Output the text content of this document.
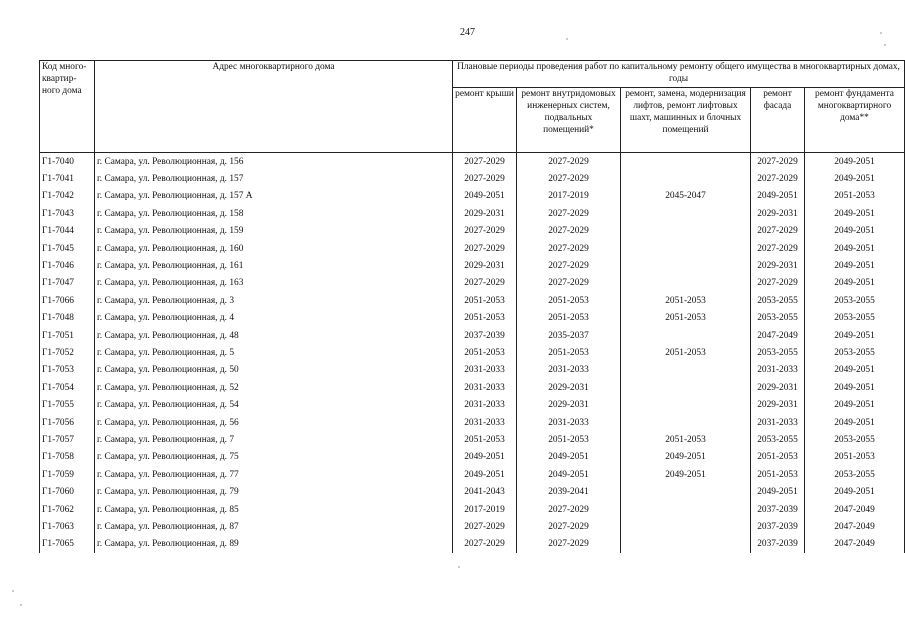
247
Код много-квартир-ного дома	Адрес многоквартирного дома	Плановые периоды проведения работ по капитальному ремонту общего имущества в многоквартирных домах, годы				
		ремонт крыши	ремонт внутридомовых инженерных систем, подвальных помещений*	ремонт, замена, модернизация лифтов, ремонт лифтовых шахт, машинных и блочных помещений	ремонт фасада	ремонт фундамента многоквартирного дома**
Г1-7040	г. Самара, ул. Революционная, д. 156	2027-2029	2027-2029		2027-2029	2049-2051
Г1-7041	г. Самара, ул. Революционная, д. 157	2027-2029	2027-2029		2027-2029	2049-2051
Г1-7042	г. Самара, ул. Революционная, д. 157 А	2049-2051	2017-2019	2045-2047	2049-2051	2051-2053
Г1-7043	г. Самара, ул. Революционная, д. 158	2029-2031	2027-2029		2029-2031	2049-2051
Г1-7044	г. Самара, ул. Революционная, д. 159	2027-2029	2027-2029		2027-2029	2049-2051
Г1-7045	г. Самара, ул. Революционная, д. 160	2027-2029	2027-2029		2027-2029	2049-2051
Г1-7046	г. Самара, ул. Революционная, д. 161	2029-2031	2027-2029		2029-2031	2049-2051
Г1-7047	г. Самара, ул. Революционная, д. 163	2027-2029	2027-2029		2027-2029	2049-2051
Г1-7066	г. Самара, ул. Революционная, д. 3	2051-2053	2051-2053	2051-2053	2053-2055	2053-2055
Г1-7048	г. Самара, ул. Революционная, д. 4	2051-2053	2051-2053	2051-2053	2053-2055	2053-2055
Г1-7051	г. Самара, ул. Революционная, д. 48	2037-2039	2035-2037		2047-2049	2049-2051
Г1-7052	г. Самара, ул. Революционная, д. 5	2051-2053	2051-2053	2051-2053	2053-2055	2053-2055
Г1-7053	г. Самара, ул. Революционная, д. 50	2031-2033	2031-2033		2031-2033	2049-2051
Г1-7054	г. Самара, ул. Революционная, д. 52	2031-2033	2029-2031		2029-2031	2049-2051
Г1-7055	г. Самара, ул. Революционная, д. 54	2031-2033	2029-2031		2029-2031	2049-2051
Г1-7056	г. Самара, ул. Революционная, д. 56	2031-2033	2031-2033		2031-2033	2049-2051
Г1-7057	г. Самара, ул. Революционная, д. 7	2051-2053	2051-2053	2051-2053	2053-2055	2053-2055
Г1-7058	г. Самара, ул. Революционная, д. 75	2049-2051	2049-2051	2049-2051	2051-2053	2051-2053
Г1-7059	г. Самара, ул. Революционная, д. 77	2049-2051	2049-2051	2049-2051	2051-2053	2053-2055
Г1-7060	г. Самара, ул. Революционная, д. 79	2041-2043	2039-2041		2049-2051	2049-2051
Г1-7062	г. Самара, ул. Революционная, д. 85	2017-2019	2027-2029		2037-2039	2047-2049
Г1-7063	г. Самара, ул. Революционная, д. 87	2027-2029	2027-2029		2037-2039	2047-2049
Г1-7065	г. Самара, ул. Революционная, д. 89	2027-2029	2027-2029		2037-2039	2047-2049
